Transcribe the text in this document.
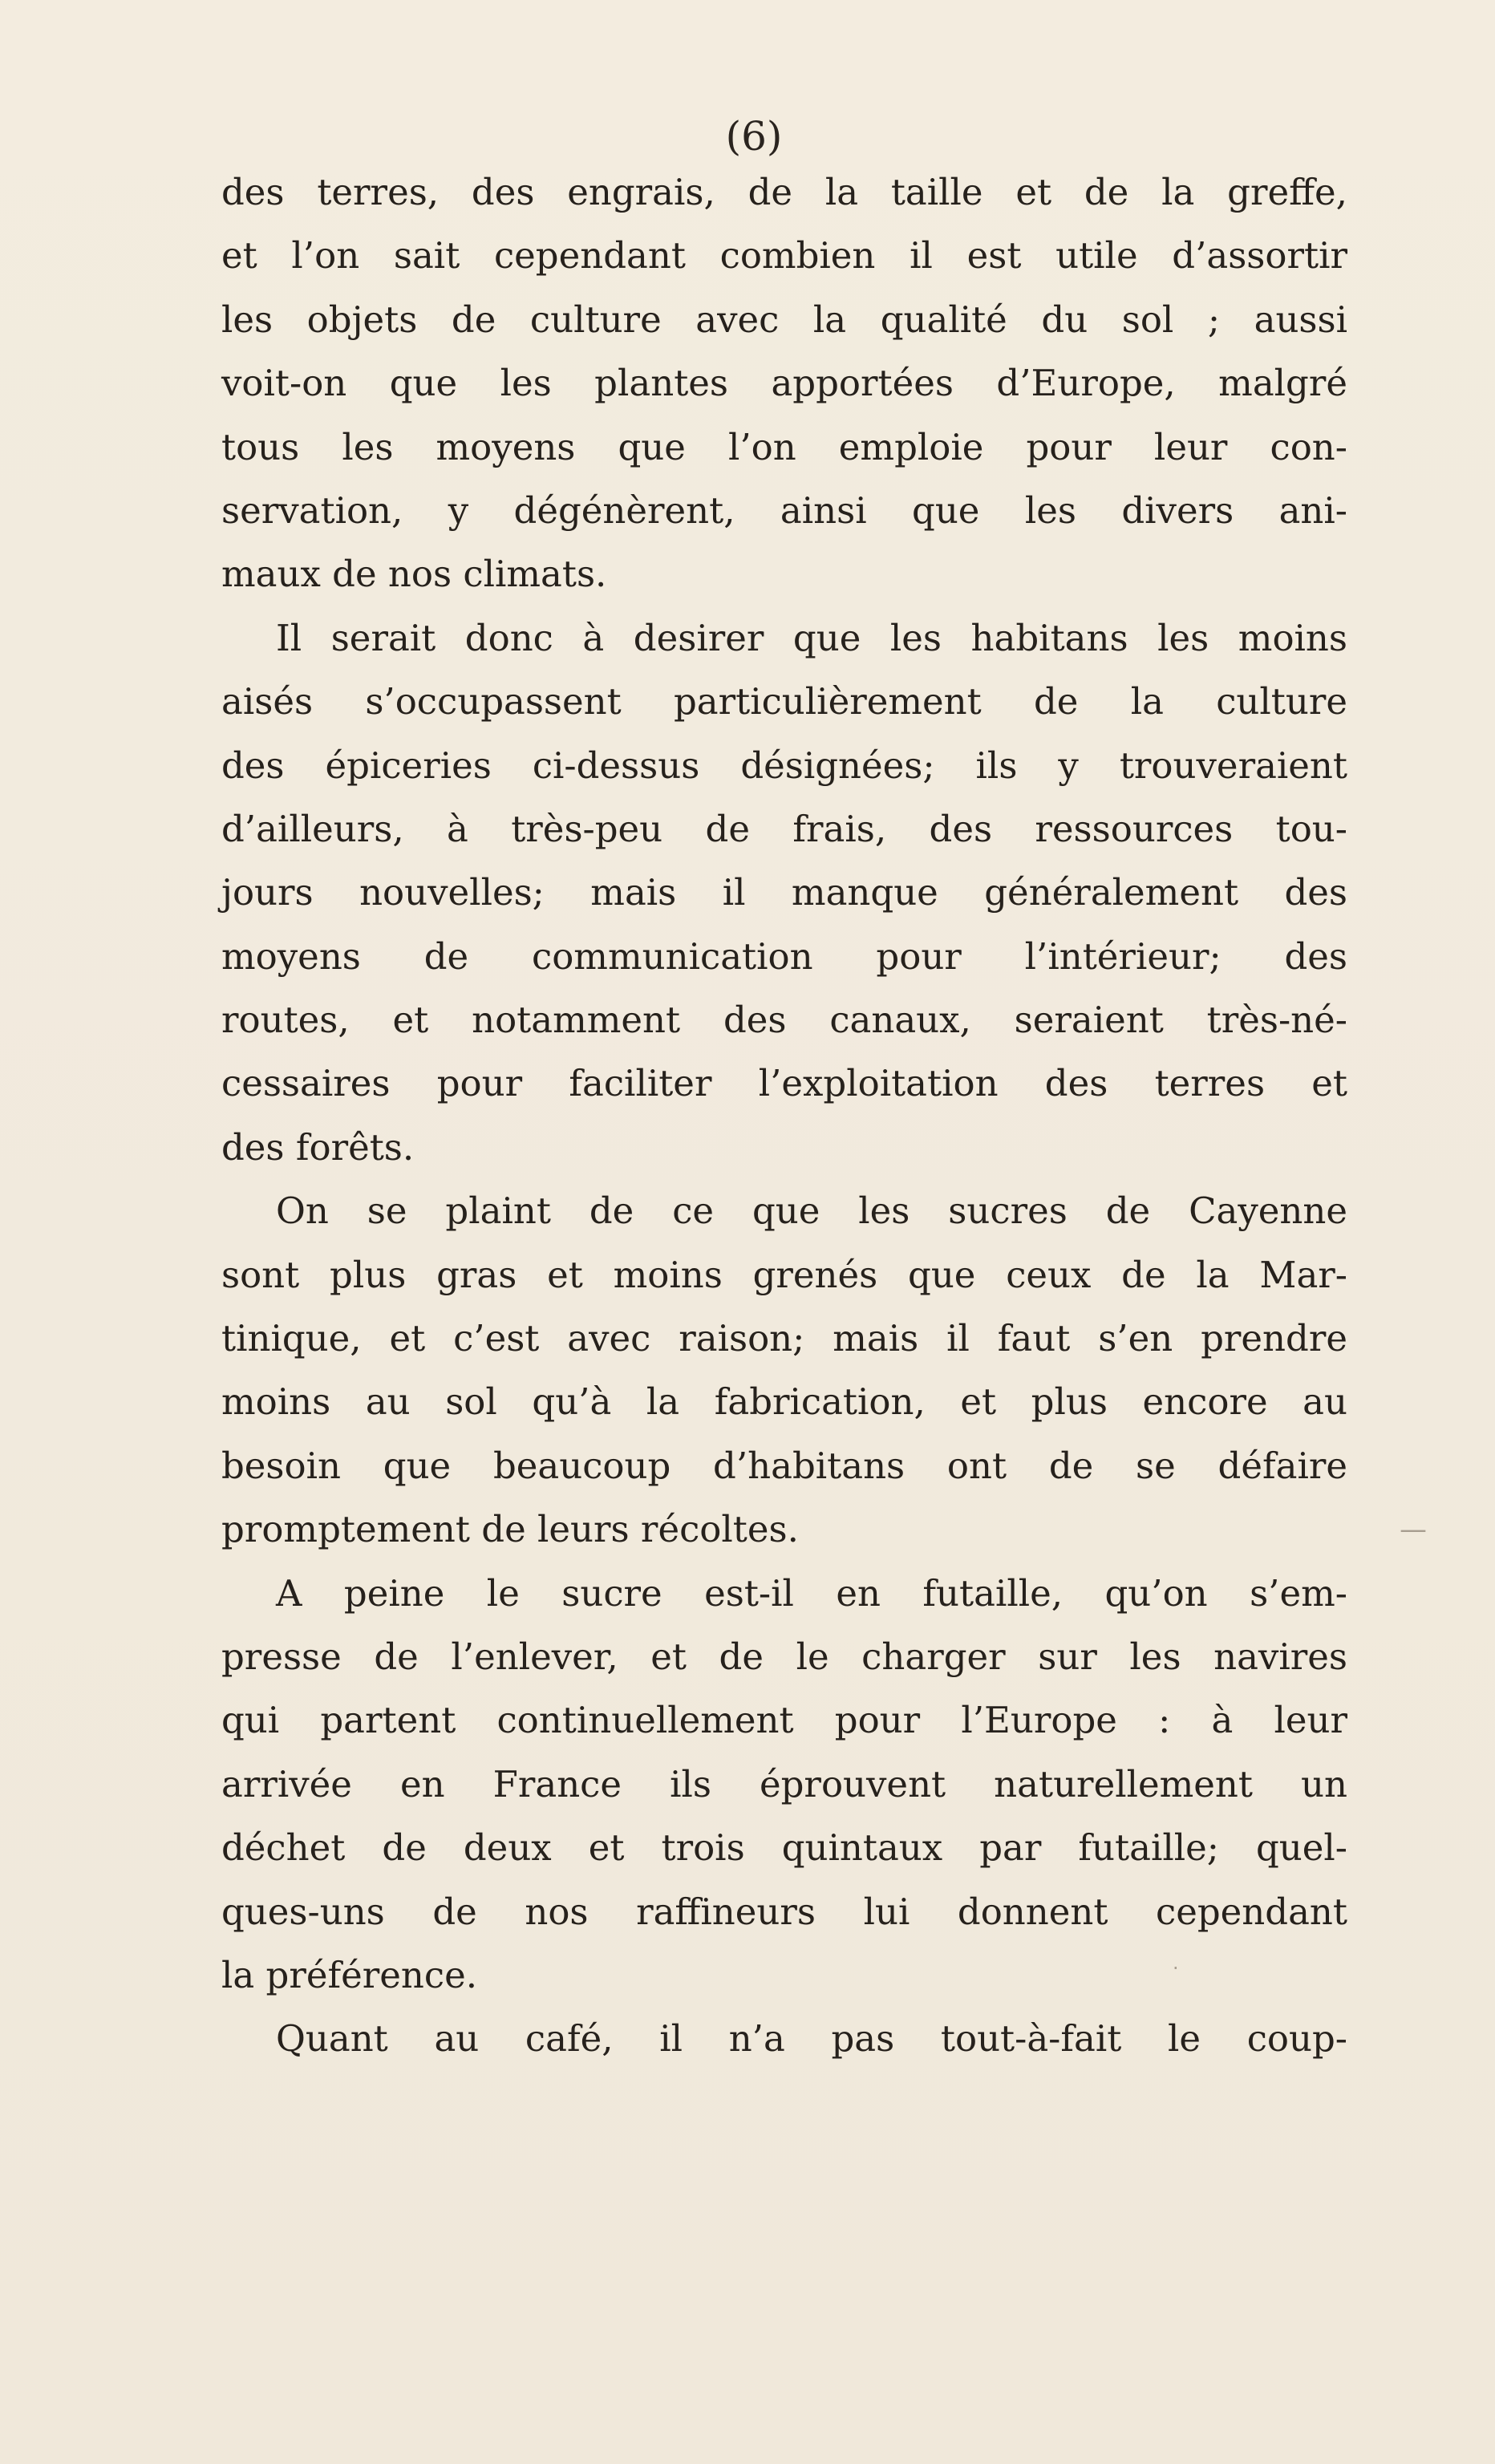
(6)
des terres, des engrais, de la taille et de la greffe,
et l’on sait cependant combien il est utile d’assortir
les objets de culture avec la qualité du sol ; aussi
voit-on que les plantes apportées d’Europe, malgré
tous les moyens que l’on emploie pour leur con-
servation, y dégénèrent, ainsi que les divers ani-
maux de nos climats.
Il serait donc à desirer que les habitans les moins
aisés s’occupassent particulièrement de la culture
des épiceries ci-dessus désignées; ils y trouveraient
d’ailleurs, à très-peu de frais, des ressources tou-
jours nouvelles; mais il manque généralement des
moyens de communication pour l’intérieur; des
routes, et notamment des canaux, seraient très-né-
cessaires pour faciliter l’exploitation des terres et
des forêts.
On se plaint de ce que les sucres de Cayenne
sont plus gras et moins grenés que ceux de la Mar-
tinique, et c’est avec raison; mais il faut s’en prendre
moins au sol qu’à la fabrication, et plus encore au
besoin que beaucoup d’habitans ont de se défaire
promptement de leurs récoltes.
A peine le sucre est-il en futaille, qu’on s’em-
presse de l’enlever, et de le charger sur les navires
qui partent continuellement pour l’Europe : à leur
arrivée en France ils éprouvent naturellement un
déchet de deux et trois quintaux par futaille; quel-
ques-uns de nos raffineurs lui donnent cependant
la préférence.
Quant au café, il n’a pas tout-à-fait le coup-
—
·
